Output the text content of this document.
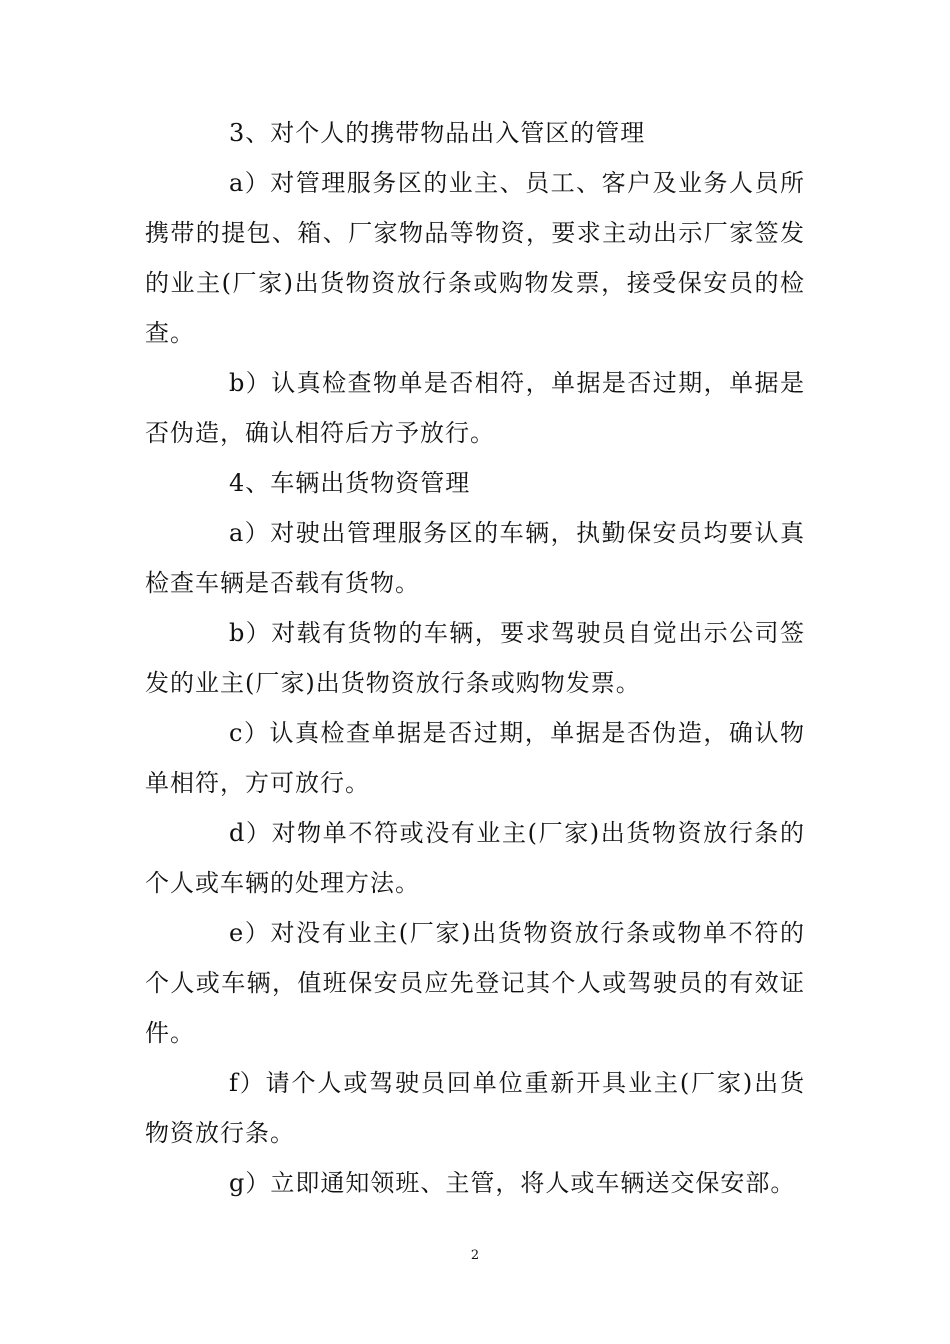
3、对个人的携带物品出入管区的管理

a）对管理服务区的业主、员工、客户及业务人员所携带的提包、箱、厂家物品等物资，要求主动出示厂家签发的业主(厂家)出货物资放行条或购物发票，接受保安员的检查。

b）认真检查物单是否相符，单据是否过期，单据是否伪造，确认相符后方予放行。

4、车辆出货物资管理

a）对驶出管理服务区的车辆，执勤保安员均要认真检查车辆是否载有货物。

b）对载有货物的车辆，要求驾驶员自觉出示公司签发的业主(厂家)出货物资放行条或购物发票。

c）认真检查单据是否过期，单据是否伪造，确认物单相符，方可放行。

d）对物单不符或没有业主(厂家)出货物资放行条的个人或车辆的处理方法。

e）对没有业主(厂家)出货物资放行条或物单不符的个人或车辆，值班保安员应先登记其个人或驾驶员的有效证件。

f）请个人或驾驶员回单位重新开具业主(厂家)出货物资放行条。

g）立即通知领班、主管，将人或车辆送交保安部。

2
